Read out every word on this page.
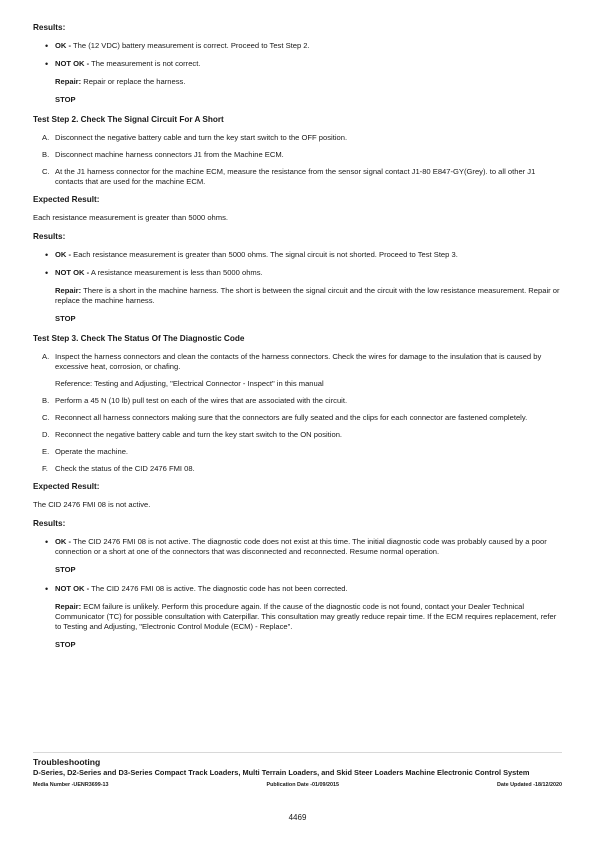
Results:
• OK - The (12 VDC) battery measurement is correct. Proceed to Test Step 2.
• NOT OK - The measurement is not correct.
Repair: Repair or replace the harness.
STOP
Test Step 2. Check The Signal Circuit For A Short
A. Disconnect the negative battery cable and turn the key start switch to the OFF position.
B. Disconnect machine harness connectors J1 from the Machine ECM.
C. At the J1 harness connector for the machine ECM, measure the resistance from the sensor signal contact J1-80 E847-GY(Grey). to all other J1 contacts that are used for the machine ECM.
Expected Result:
Each resistance measurement is greater than 5000 ohms.
Results:
• OK - Each resistance measurement is greater than 5000 ohms. The signal circuit is not shorted. Proceed to Test Step 3.
• NOT OK - A resistance measurement is less than 5000 ohms.
Repair: There is a short in the machine harness. The short is between the signal circuit and the circuit with the low resistance measurement. Repair or replace the machine harness.
STOP
Test Step 3. Check The Status Of The Diagnostic Code
A. Inspect the harness connectors and clean the contacts of the harness connectors. Check the wires for damage to the insulation that is caused by excessive heat, corrosion, or chafing.
Reference: Testing and Adjusting, "Electrical Connector - Inspect" in this manual
B. Perform a 45 N (10 lb) pull test on each of the wires that are associated with the circuit.
C. Reconnect all harness connectors making sure that the connectors are fully seated and the clips for each connector are fastened completely.
D. Reconnect the negative battery cable and turn the key start switch to the ON position.
E. Operate the machine.
F. Check the status of the CID 2476 FMI 08.
Expected Result:
The CID 2476 FMI 08 is not active.
Results:
• OK - The CID 2476 FMI 08 is not active. The diagnostic code does not exist at this time. The initial diagnostic code was probably caused by a poor connection or a short at one of the connectors that was disconnected and reconnected. Resume normal operation.
STOP
• NOT OK - The CID 2476 FMI 08 is active. The diagnostic code has not been corrected.
Repair: ECM failure is unlikely. Perform this procedure again. If the cause of the diagnostic code is not found, contact your Dealer Technical Communicator (TC) for possible consultation with Caterpillar. This consultation may greatly reduce repair time. If the ECM requires replacement, refer to Testing and Adjusting, "Electronic Control Module (ECM) - Replace".
STOP
Troubleshooting
D-Series, D2-Series and D3-Series Compact Track Loaders, Multi Terrain Loaders, and Skid Steer Loaders Machine Electronic Control System
Media Number -UENR3699-13	Publication Date -01/09/2015	Date Updated -18/12/2020
4469
